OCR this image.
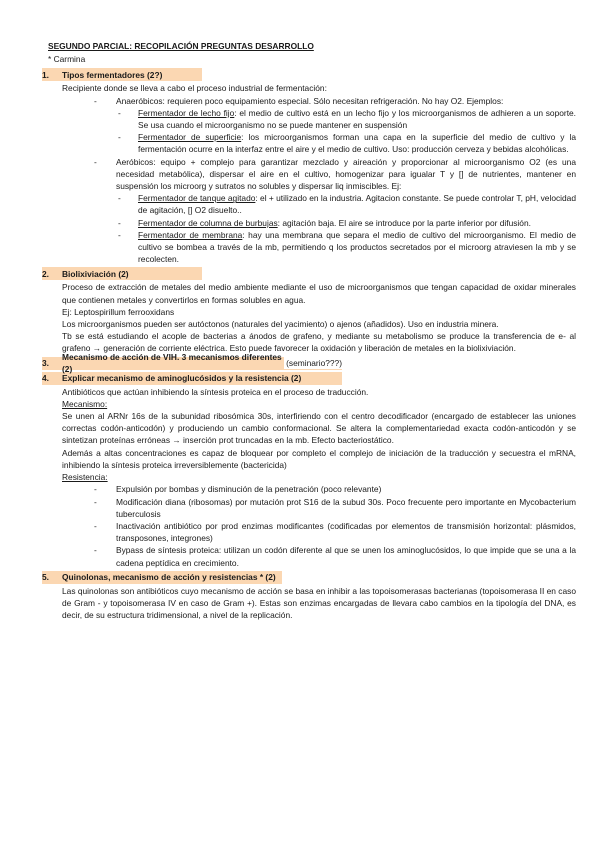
SEGUNDO PARCIAL: RECOPILACIÓN PREGUNTAS DESARROLLO
* Carmina
1.	Tipos fermentadores (2?)
Recipiente donde se lleva a cabo el proceso industrial de fermentación:
-	Anaeróbicos: requieren poco equipamiento especial. Sólo necesitan refrigeración. No hay O2. Ejemplos:
-	Fermentador de lecho fijo: el medio de cultivo está en un lecho fijo y los microorganismos de adhieren a un soporte. Se usa cuando el microorganismo no se puede mantener en suspensión
-	Fermentador de superficie: los microorganismos forman una capa en la superficie del medio de cultivo y la fermentación ocurre en la interfaz entre el aire y el medio de cultivo. Uso: producción cerveza y bebidas alcohólicas.
-	Aeróbicos: equipo + complejo para garantizar mezclado y aireación y proporcionar al microorganismo O2 (es una necesidad metabólica), dispersar el aire en el cultivo, homogenizar para igualar T y [] de nutrientes, mantener en suspensión los microorg y sutratos no solubles y dispersar liq inmiscibles. Ej:
-	Fermentador de tanque agitado: el + utilizado en la industria. Agitacion constante. Se puede controlar T, pH, velocidad de agitación, [] O2 disuelto..
-	Fermentador de columna de burbujas: agitación baja. El aire se introduce por la parte inferior por difusión.
-	Fermentador de membrana: hay una membrana que separa el medio de cultivo del microorganismo. El medio de cultivo se bombea a través de la mb, permitiendo q los productos secretados por el microorg atraviesen la mb y se recolecten.
2.	Biolixiviación (2)
Proceso de extracción de metales del medio ambiente mediante el uso de microorganismos que tengan capacidad de oxidar minerales que contienen metales y convertirlos en formas solubles en agua.
Ej: Leptospirillum ferrooxidans
Los microorganismos pueden ser autóctonos (naturales del yacimiento) o ajenos (añadidos). Uso en industria minera.
Tb se está estudiando el acople de bacterias a ánodos de grafeno, y mediante su metabolismo se produce la transferencia de e- al grafeno → generación de corriente eléctrica. Esto puede favorecer la oxidación y liberación de metales en la biolixiviación.
3.
Mecanismo de acción de VIH. 3 mecanismos diferentes (2)
(seminario???)
4.	Explicar mecanismo de aminoglucósidos y la resistencia (2)
Antibióticos que actúan inhibiendo la síntesis proteica en el proceso de traducción.
Mecanismo:
Se unen al ARNr 16s de la subunidad ribosómica 30s, interfiriendo con el centro decodificador (encargado de establecer las uniones correctas codón-anticodón) y produciendo un cambio conformacional. Se altera la complementariedad exacta codón-anticodón y se sintetizan proteínas erróneas → inserción prot truncadas en la mb. Efecto bacteriostático.
Además a altas concentraciones es capaz de bloquear por completo el complejo de iniciación de la traducción y secuestra el mRNA, inhibiendo la síntesis proteica irreversiblemente (bactericida)
Resistencia:
-	Expulsión por bombas y disminución de la penetración (poco relevante)
-	Modificación diana (ribosomas) por mutación prot S16 de la subud 30s. Poco frecuente pero importante en Mycobacterium tuberculosis
-	Inactivación antibiótico por prod enzimas modificantes (codificadas por elementos de transmisión horizontal: plásmidos, transposones, integrones)
-	Bypass de síntesis proteica: utilizan un codón diferente al que se unen los aminoglucósidos, lo que impide que se una a la cadena peptídica en crecimiento.
5.	Quinolonas, mecanismo de acción y resistencias * (2)
Las quinolonas son antibióticos cuyo mecanismo de acción se basa en inhibir a las topoisomerasas bacterianas (topoisomerasa II en caso de Gram - y topoisomerasa IV en caso de Gram +). Estas son enzimas encargadas de llevara cabo cambios en la tipología del DNA, es decir, de su estructura tridimensional, a nivel de la replicación.
